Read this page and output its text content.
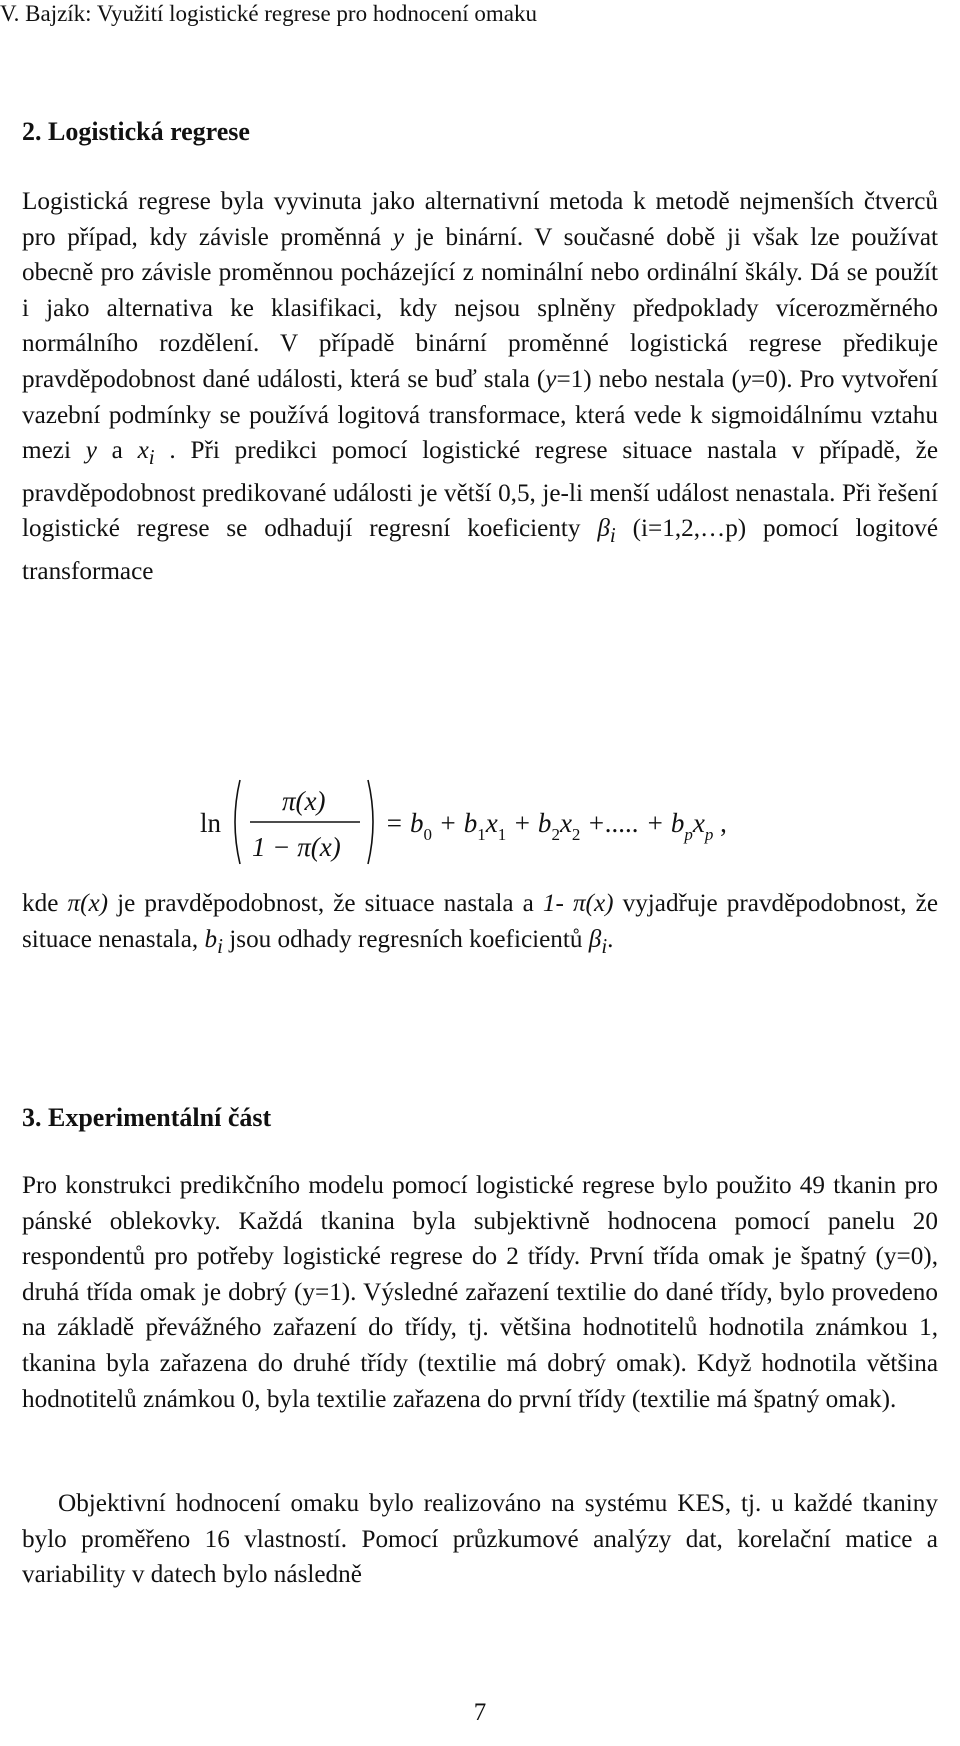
V. Bajzík: Využití logistické regrese pro hodnocení omaku
2. Logistická regrese

Logistická regrese byla vyvinuta jako alternativní metoda k metodě nejmenších čtverců pro případ, kdy závisle proměnná y je binární. V současné době ji však lze používat obecně pro závisle proměnnou pocházející z nominální nebo ordinální škály. Dá se použít i jako alternativa ke klasifikaci, kdy nejsou splněny předpoklady vícerozměrného normálního rozdělení. V případě binární proměnné logistická regrese předikuje pravděpodobnost dané události, která se buď stala (y=1) nebo nestala (y=0). Pro vytvoření vazební podmínky se používá logitová transformace, která vede k sigmoidálnímu vztahu mezi y a $x_i$ . Při predikci pomocí logistické regrese situace nastala v případě, že pravděpodobnost predikované události je větší 0,5, je-li menší událost nenastala. Při řešení logistické regrese se odhadují regresní koeficienty $\beta_i$ (i=1,2,…p) pomocí logitové transformace

ln
π(x)
1 − π(x)
= $b_0 + b_1x_1 + b_2x_2$ +..... + $b_px_p$ ,

kde π(x) je pravděpodobnost, že situace nastala a 1- π(x) vyjadřuje pravděpodobnost, že situace nenastala, $b_i$ jsou odhady regresních koeficientů $\beta_i$.

3. Experimentální část

Pro konstrukci predikčního modelu pomocí logistické regrese bylo použito 49 tkanin pro pánské oblekovky. Každá tkanina byla subjektivně hodnocena pomocí panelu 20 respondentů pro potřeby logistické regrese do 2 třídy. První třída omak je špatný (y=0), druhá třída omak je dobrý (y=1). Výsledné zařazení textilie do dané třídy, bylo provedeno na základě převážného zařazení do třídy, tj. většina hodnotitelů hodnotila známkou 1, tkanina byla zařazena do druhé třídy (textilie má dobrý omak). Když hodnotila většina hodnotitelů známkou 0, byla textilie zařazena do první třídy (textilie má špatný omak).

Objektivní hodnocení omaku bylo realizováno na systému KES, tj. u každé tkaniny bylo proměřeno 16 vlastností. Pomocí průzkumové analýzy dat, korelační matice a variability v datech bylo následně

7
